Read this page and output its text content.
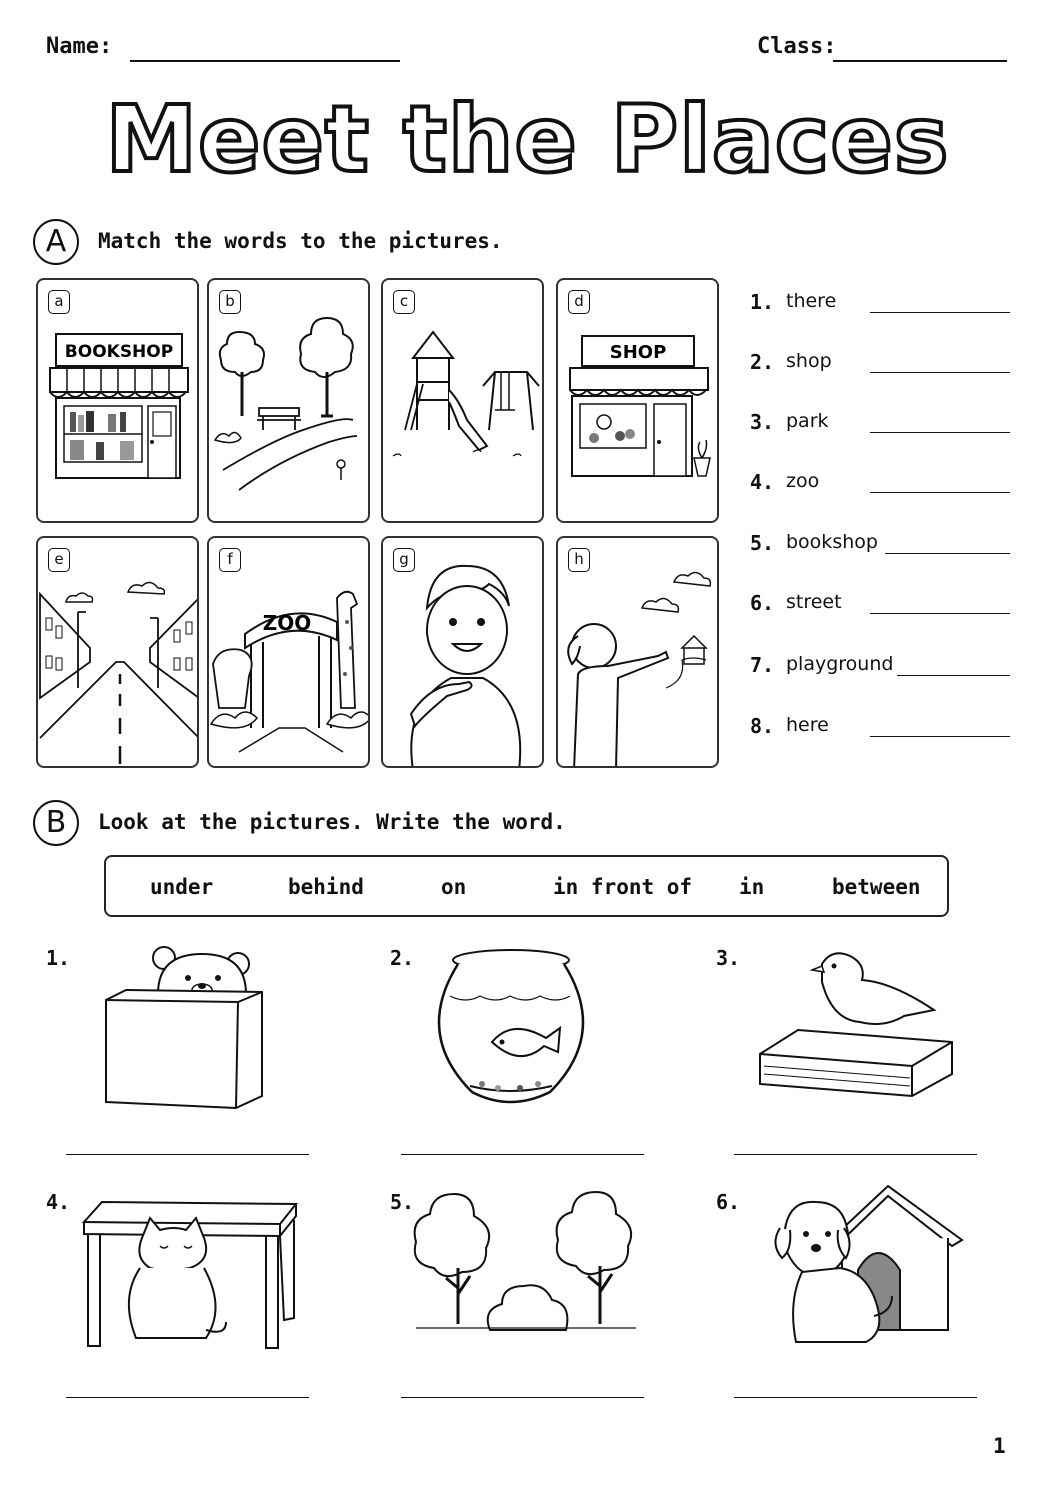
Name:	Class:
Meet the Places
A	Match the words to the pictures.
a
BOOKSHOP
b	c	d
SHOP
e	f
ZOO
g	h
1. there
2. shop
3. park
4. zoo
5. bookshop
6. street
7. playground
8. here
B	Look at the pictures. Write the word.
under	behind	on	in front of in	between
1.	2.	3.
4.	5.	6.
1
